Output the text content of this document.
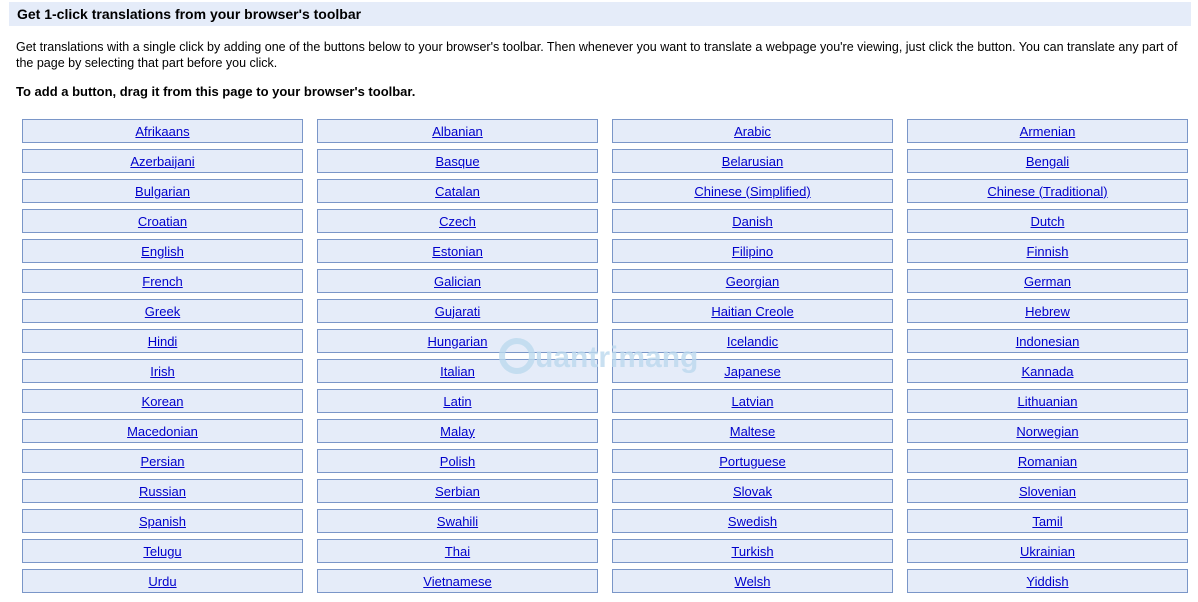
Get 1-click translations from your browser's toolbar
Get translations with a single click by adding one of the buttons below to your browser's toolbar. Then whenever you want to translate a webpage you're viewing, just click the button. You can translate any part of the page by selecting that part before you click.
To add a button, drag it from this page to your browser's toolbar.
Afrikaans	Albanian	Arabic	Armenian
Azerbaijani	Basque	Belarusian	Bengali
Bulgarian	Catalan	Chinese (Simplified)	Chinese (Traditional)
Croatian	Czech	Danish	Dutch
English	Estonian	Filipino	Finnish
French	Galician	Georgian	German
Greek	Gujarati	Haitian Creole	Hebrew
Hindi	Hungarian	Icelandic	Indonesian
Irish	Italian	Japanese	Kannada
Korean	Latin	Latvian	Lithuanian
Macedonian	Malay	Maltese	Norwegian
Persian	Polish	Portuguese	Romanian
Russian	Serbian	Slovak	Slovenian
Spanish	Swahili	Swedish	Tamil
Telugu	Thai	Turkish	Ukrainian
Urdu	Vietnamese	Welsh	Yiddish
uantrimang
